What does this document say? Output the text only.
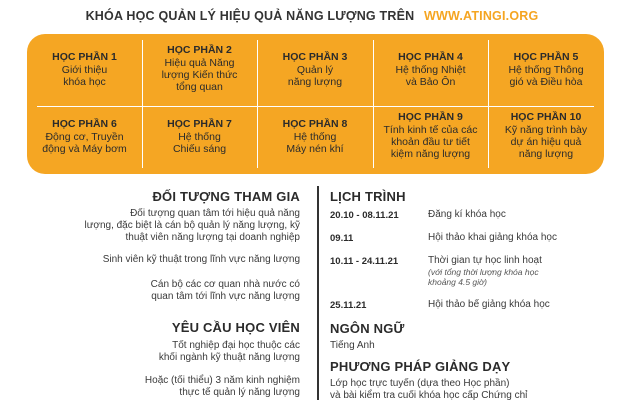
KHÓA HỌC QUẢN LÝ HIỆU QUẢ NĂNG LƯỢNG TRÊN WWW.ATINGI.ORG
HỌC PHẦN 1
Giới thiệu
khóa học
HỌC PHẦN 2
Hiệu quả Năng
lượng Kiến thức
tổng quan
HỌC PHẦN 3
Quản lý
năng lượng
HỌC PHẦN 4
Hệ thống Nhiệt
và Bảo Ôn
HỌC PHẦN 5
Hệ thống Thông
gió và Điều hòa
HỌC PHẦN 6
Động cơ, Truyền
động và Máy bơm
HỌC PHẦN 7
Hệ thống
Chiếu sáng
HỌC PHẦN 8
Hệ thống
Máy nén khí
HỌC PHẦN 9
Tính kinh tế của các
khoản đầu tư tiết
kiệm năng lượng
HỌC PHẦN 10
Kỹ năng trình bày
dự án hiệu quả
năng lượng
ĐỐI TƯỢNG THAM GIA
Đối tượng quan tâm tới hiệu quả năng
lượng, đặc biệt là cán bộ quản lý năng lượng, kỹ
thuật viên năng lượng tại doanh nghiệp
Sinh viên kỹ thuật trong lĩnh vực năng lượng
Cán bộ các cơ quan nhà nước có
quan tâm tới lĩnh vực năng lượng
YÊU CẦU HỌC VIÊN
Tốt nghiệp đại học thuộc các
khối ngành kỹ thuật năng lượng
Hoặc (tối thiểu) 3 năm kinh nghiệm
thực tế quản lý năng lượng
LỊCH TRÌNH
20.10 - 08.11.21	Đăng kí khóa học
09.11	Hội thảo khai giảng khóa học
10.11 - 24.11.21	Thời gian tự học linh hoạt
(với tổng thời lượng khóa học
khoảng 4.5 giờ)
25.11.21	Hội thảo bế giảng khóa học
NGÔN NGỮ
Tiếng Anh
PHƯƠNG PHÁP GIẢNG DẠY
Lớp học trực tuyến (dựa theo Học phần)
và bài kiểm tra cuối khóa học cấp Chứng chỉ
